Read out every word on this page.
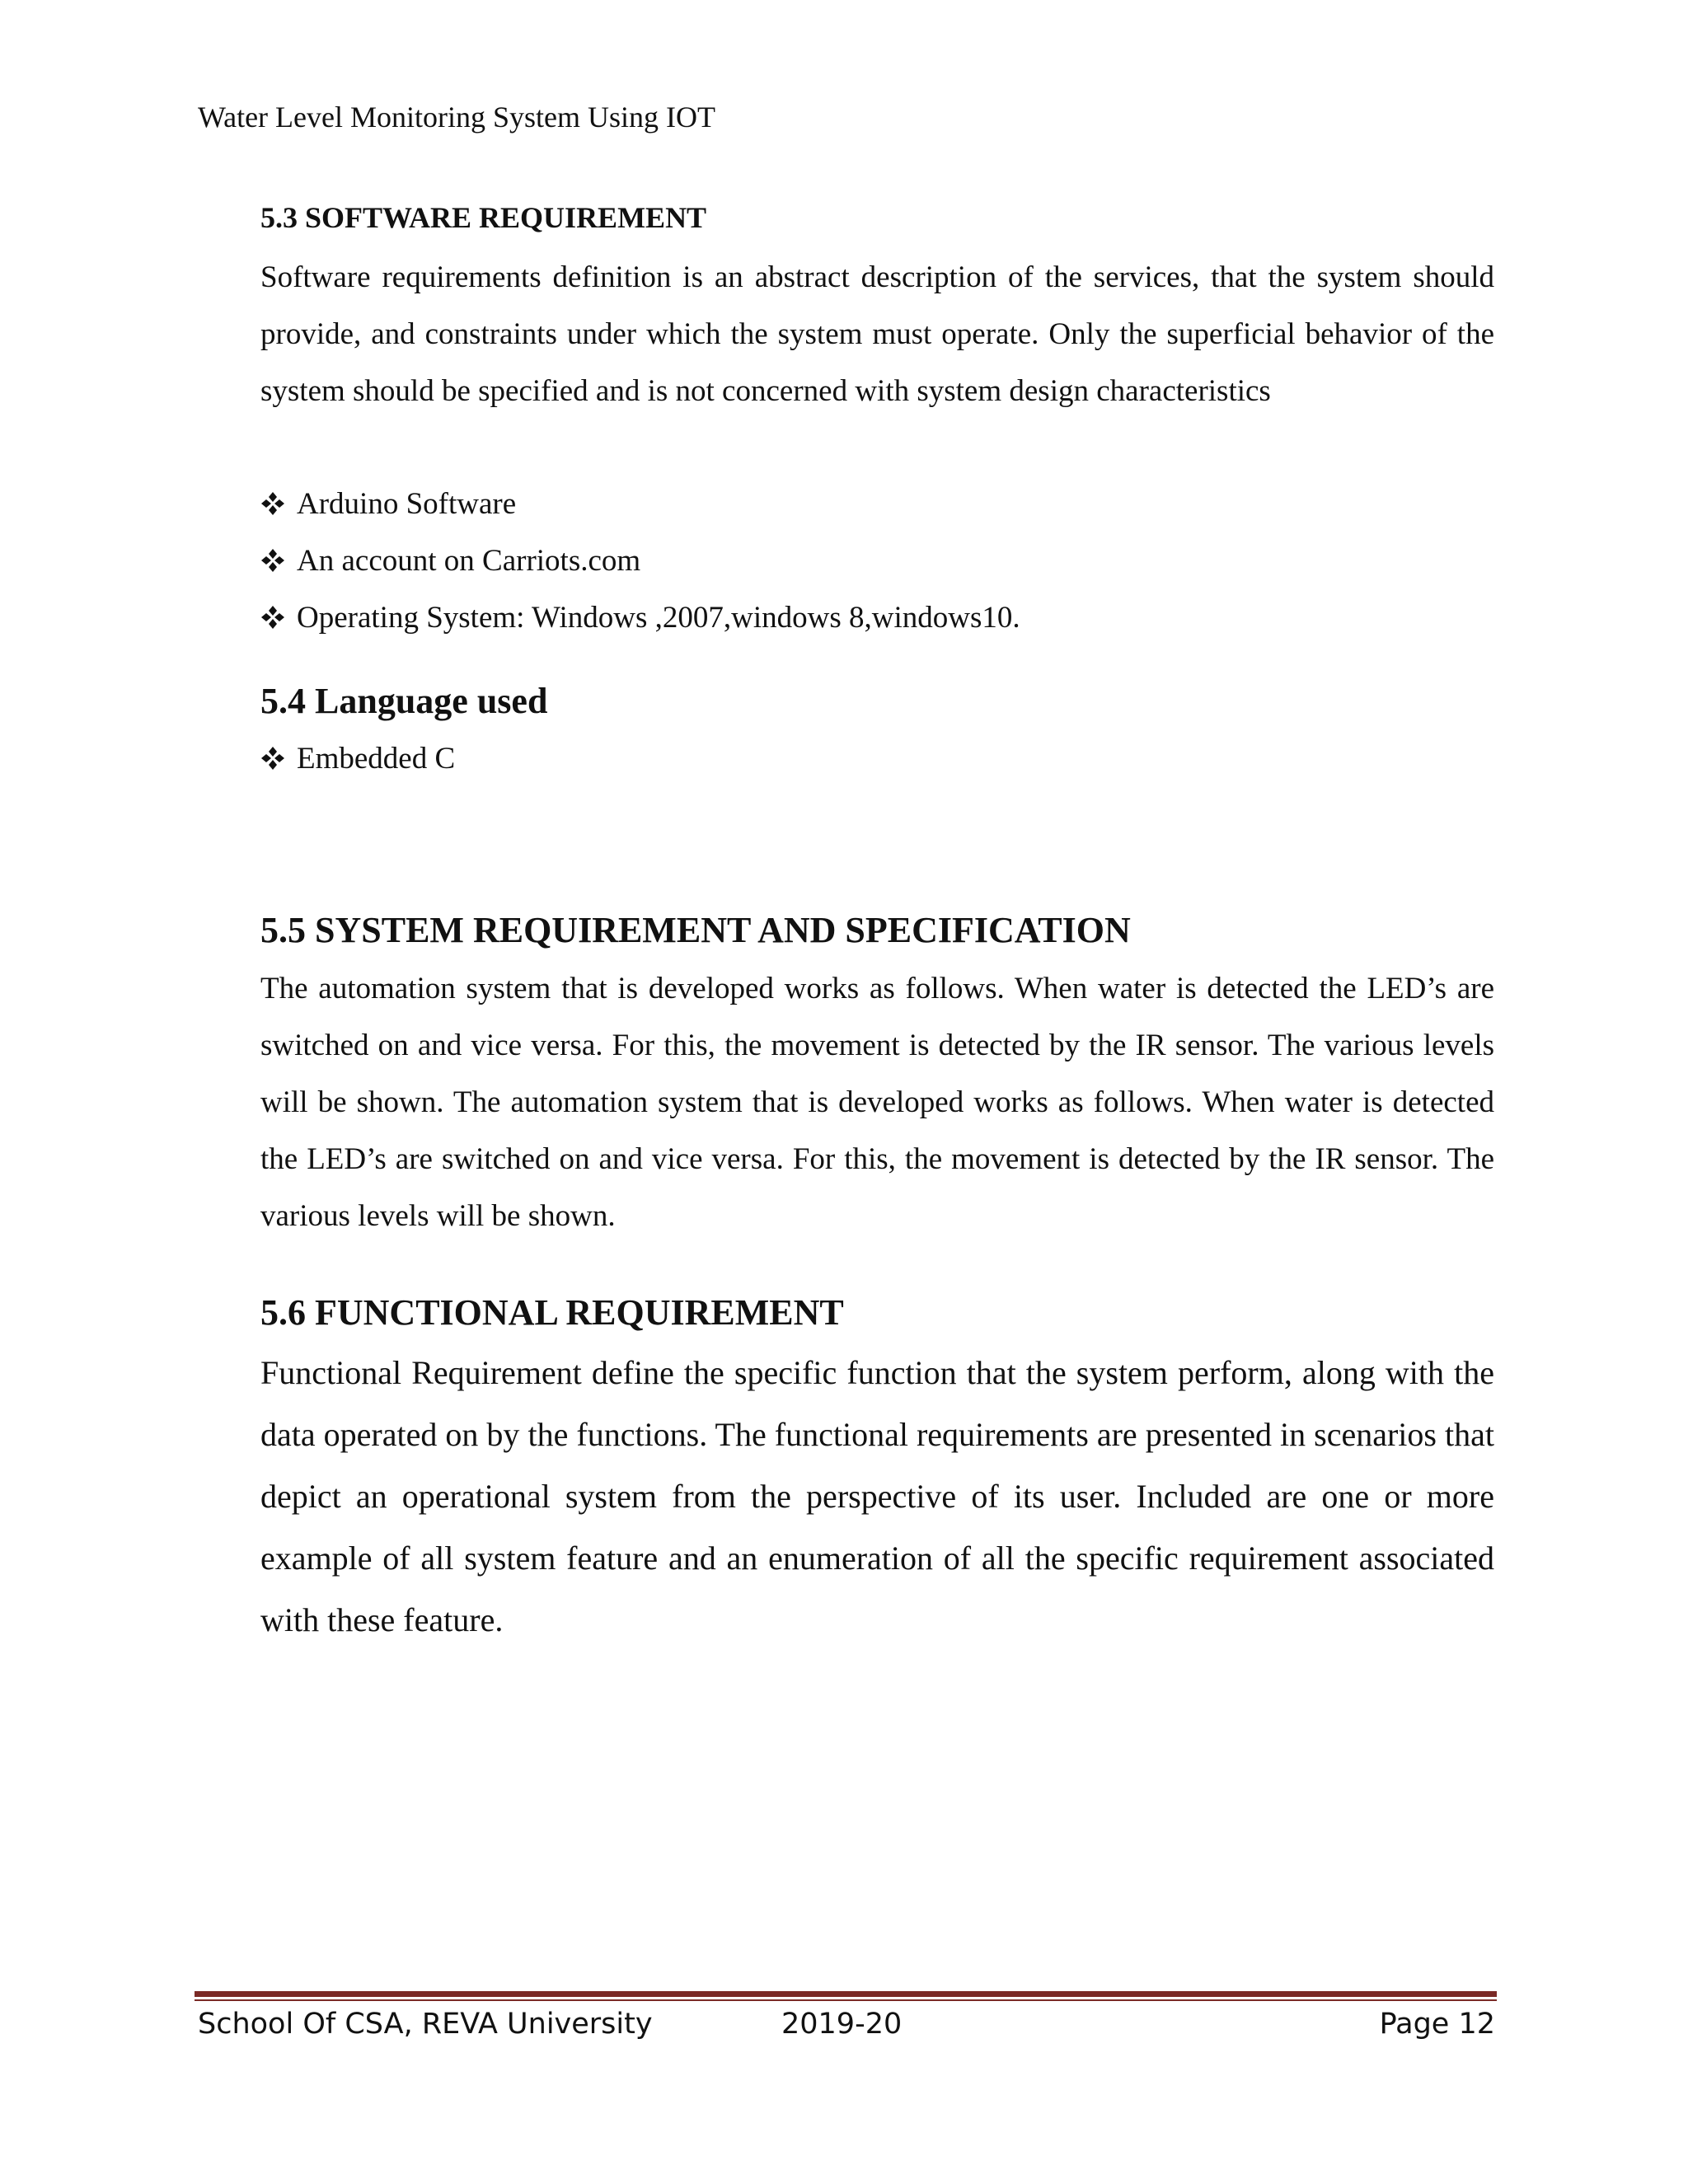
Water Level Monitoring System Using IOT
5.3 SOFTWARE REQUIREMENT

Software requirements definition is an abstract description of the services, that the system should provide, and constraints under which the system must operate. Only the superficial behavior of the system should be specified and is not concerned with system design characteristics

Arduino Software
An account on Carriots.com
Operating System: Windows ,2007,windows 8,windows10.
5.4 Language used
Embedded C
5.5 SYSTEM REQUIREMENT AND SPECIFICATION

The automation system that is developed works as follows. When water is detected the LED’s are switched on and vice versa. For this, the movement is detected by the IR sensor. The various levels will be shown. The automation system that is developed works as follows. When water is detected the LED’s are switched on and vice versa. For this, the movement is detected by the IR sensor. The various levels will be shown.

5.6 FUNCTIONAL REQUIREMENT

Functional Requirement define the specific function that the system perform, along with the data operated on by the functions. The functional requirements are presented in scenarios that depict an operational system from the perspective of its user. Included are one or more example of all system feature and an enumeration of all the specific requirement associated with these feature.

School Of CSA, REVA University	2019-20	Page 12
